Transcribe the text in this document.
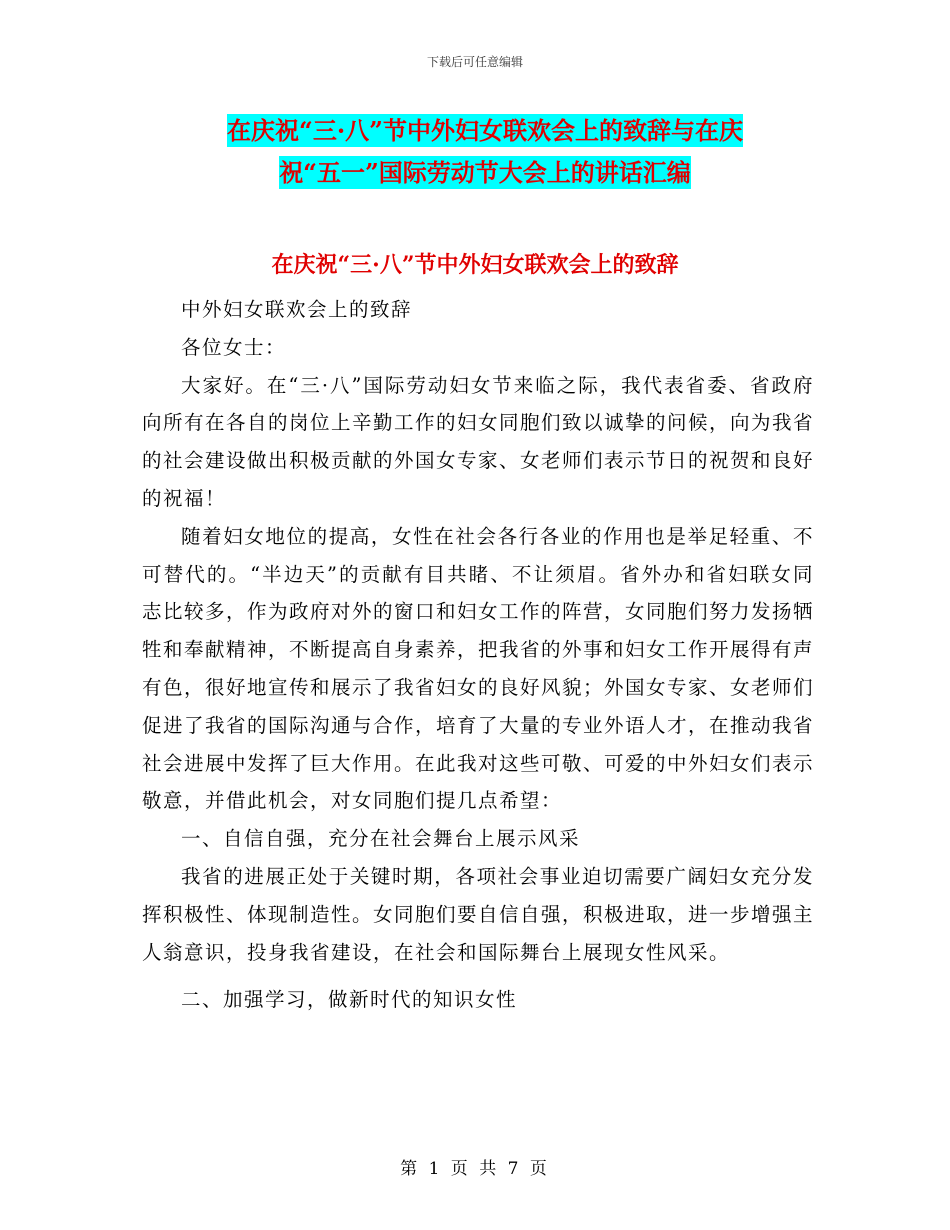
下载后可任意编辑
在庆祝“三·八”节中外妇女联欢会上的致辞与在庆
祝“五一”国际劳动节大会上的讲话汇编
在庆祝“三·八”节中外妇女联欢会上的致辞

中外妇女联欢会上的致辞

各位女士：

大家好。在“三·八”国际劳动妇女节来临之际，我代表省委、省政府向所有在各自的岗位上辛勤工作的妇女同胞们致以诚挚的问候，向为我省的社会建设做出积极贡献的外国女专家、女老师们表示节日的祝贺和良好的祝福！

随着妇女地位的提高，女性在社会各行各业的作用也是举足轻重、不可替代的。“半边天”的贡献有目共睹、不让须眉。省外办和省妇联女同志比较多，作为政府对外的窗口和妇女工作的阵营，女同胞们努力发扬牺牲和奉献精神，不断提高自身素养，把我省的外事和妇女工作开展得有声有色，很好地宣传和展示了我省妇女的良好风貌；外国女专家、女老师们促进了我省的国际沟通与合作，培育了大量的专业外语人才，在推动我省社会进展中发挥了巨大作用。在此我对这些可敬、可爱的中外妇女们表示敬意，并借此机会，对女同胞们提几点希望：

一、自信自强，充分在社会舞台上展示风采

我省的进展正处于关键时期，各项社会事业迫切需要广阔妇女充分发挥积极性、体现制造性。女同胞们要自信自强，积极进取，进一步增强主人翁意识，投身我省建设，在社会和国际舞台上展现女性风采。

二、加强学习，做新时代的知识女性

第 1 页 共 7 页
